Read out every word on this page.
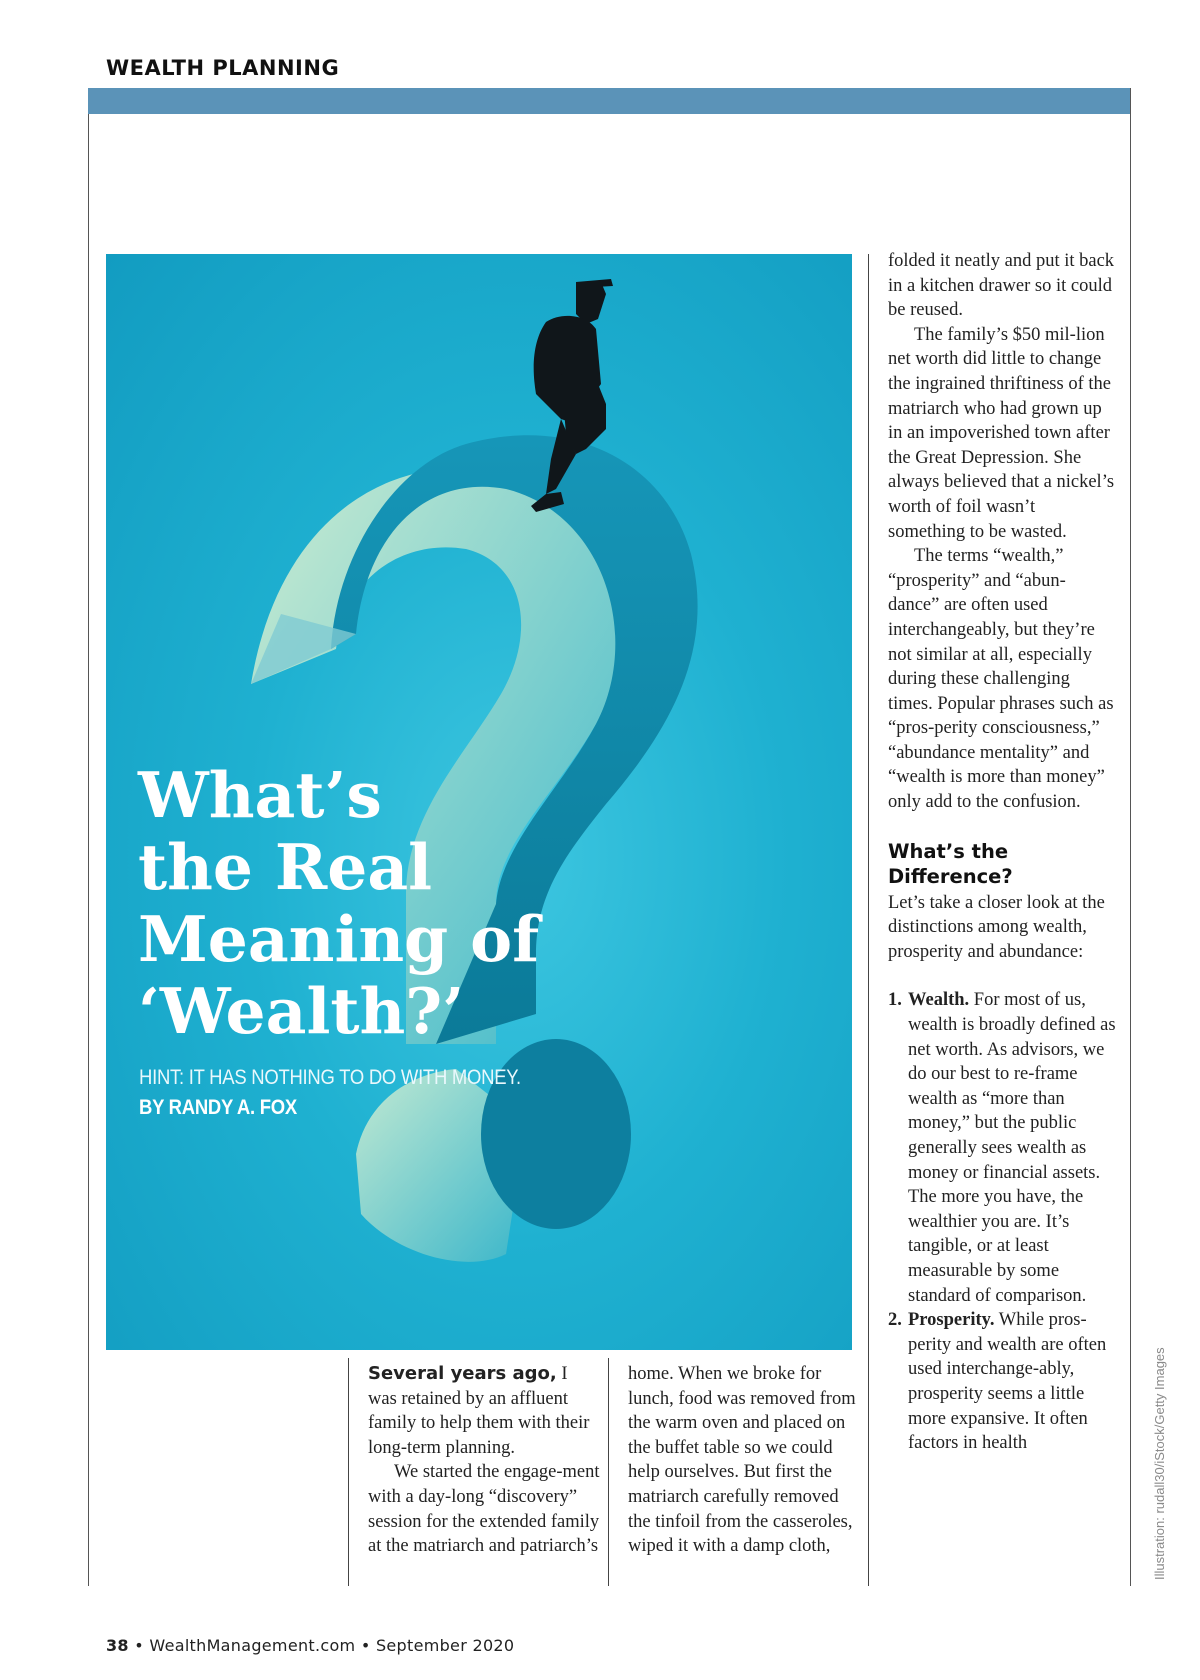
WEALTH PLANNING
What’s
the Real
Meaning of
‘Wealth?’
HINT: IT HAS NOTHING TO DO WITH MONEY.
BY RANDY A. FOX

Several years ago, I was retained by an affluent family to help them with their long-term planning.

We started the engage-ment with a day-long “discovery” session for the extended family at the matriarch and patriarch’s

home. When we broke for lunch, food was removed from the warm oven and placed on the buffet table so we could help ourselves. But first the matriarch carefully removed the tinfoil from the casseroles, wiped it with a damp cloth,

folded it neatly and put it back in a kitchen drawer so it could be reused.

The family’s $50 mil-lion net worth did little to change the ingrained thriftiness of the matriarch who had grown up in an impoverished town after the Great Depression. She always believed that a nickel’s worth of foil wasn’t something to be wasted.

The terms “wealth,” “prosperity” and “abun-dance” are often used interchangeably, but they’re not similar at all, especially during these challenging times. Popular phrases such as “pros-perity consciousness,” “abundance mentality” and “wealth is more than money” only add to the confusion.

What’s the Difference?

Let’s take a closer look at the distinctions among wealth, prosperity and abundance:

1. Wealth. For most of us, wealth is broadly defined as net worth. As advisors, we do our best to re-frame wealth as “more than money,” but the public generally sees wealth as money or financial assets. The more you have, the wealthier you are. It’s tangible, or at least measurable by some standard of comparison.
2. Prosperity. While pros-perity and wealth are often used interchange-ably, prosperity seems a little more expansive. It often factors in health	Illustration: rudall30/iStock/Getty Images
38 • WealthManagement.com • September 2020
